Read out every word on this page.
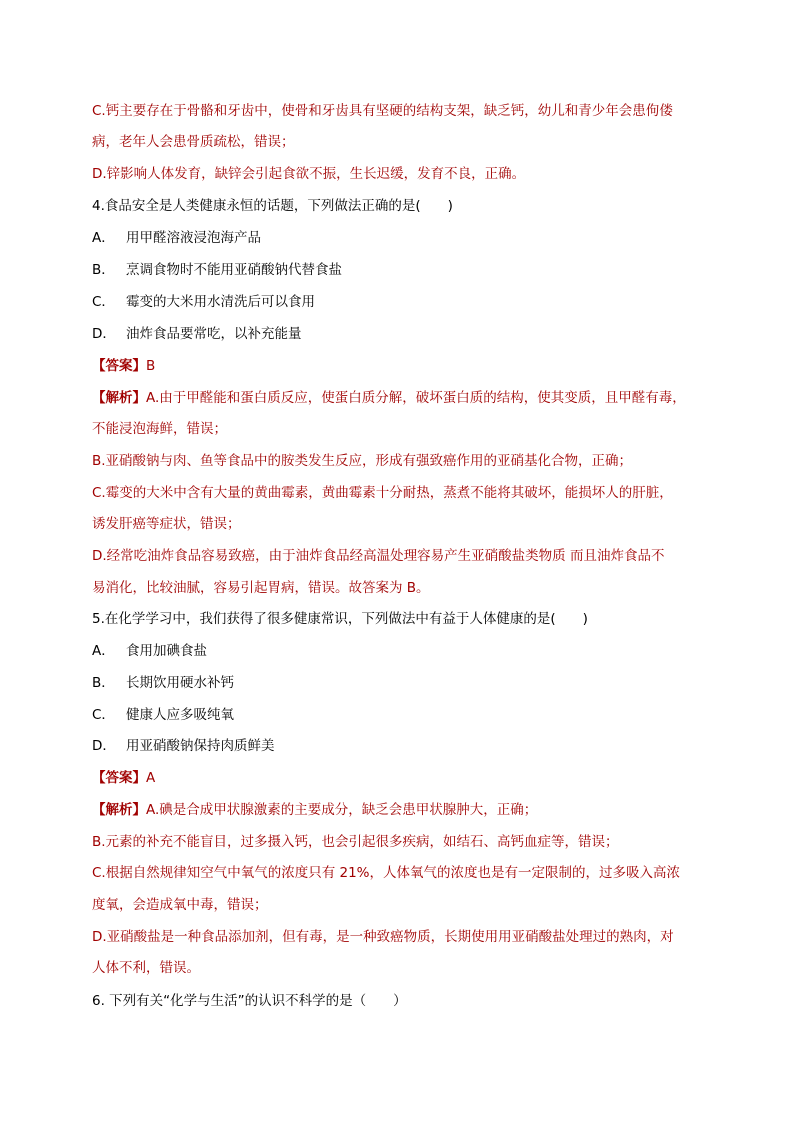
C.钙主要存在于骨骼和牙齿中，使骨和牙齿具有坚硬的结构支架，缺乏钙，幼儿和青少年会患佝偻
病，老年人会患骨质疏松，错误；
D.锌影响人体发育，缺锌会引起食欲不振，生长迟缓，发育不良，正确。
4.食品安全是人类健康永恒的话题，下列做法正确的是(　　)
A． 用甲醛溶液浸泡海产品
B． 烹调食物时不能用亚硝酸钠代替食盐
C． 霉变的大米用水清洗后可以食用
D． 油炸食品要常吃，以补充能量
【答案】B
【解析】A.由于甲醛能和蛋白质反应，使蛋白质分解，破坏蛋白质的结构，使其变质，且甲醛有毒，
不能浸泡海鲜，错误；
B.亚硝酸钠与肉、鱼等食品中的胺类发生反应，形成有强致癌作用的亚硝基化合物，正确；
C.霉变的大米中含有大量的黄曲霉素，黄曲霉素十分耐热，蒸煮不能将其破坏，能损坏人的肝脏，
诱发肝癌等症状，错误；
D.经常吃油炸食品容易致癌，由于油炸食品经高温处理容易产生亚硝酸盐类物质 而且油炸食品不
易消化，比较油腻，容易引起胃病，错误。故答案为 B。
5.在化学学习中，我们获得了很多健康常识，下列做法中有益于人体健康的是(　　)
A． 食用加碘食盐
B． 长期饮用硬水补钙
C． 健康人应多吸纯氧
D． 用亚硝酸钠保持肉质鲜美
【答案】A
【解析】A.碘是合成甲状腺激素的主要成分，缺乏会患甲状腺肿大，正确；
B.元素的补充不能盲目，过多摄入钙，也会引起很多疾病，如结石、高钙血症等，错误；
C.根据自然规律知空气中氧气的浓度只有 21%，人体氧气的浓度也是有一定限制的，过多吸入高浓
度氧，会造成氧中毒，错误；
D.亚硝酸盐是一种食品添加剂，但有毒，是一种致癌物质，长期使用用亚硝酸盐处理过的熟肉，对
人体不利，错误。
6. 下列有关“化学与生活”的认识不科学的是（　　）
